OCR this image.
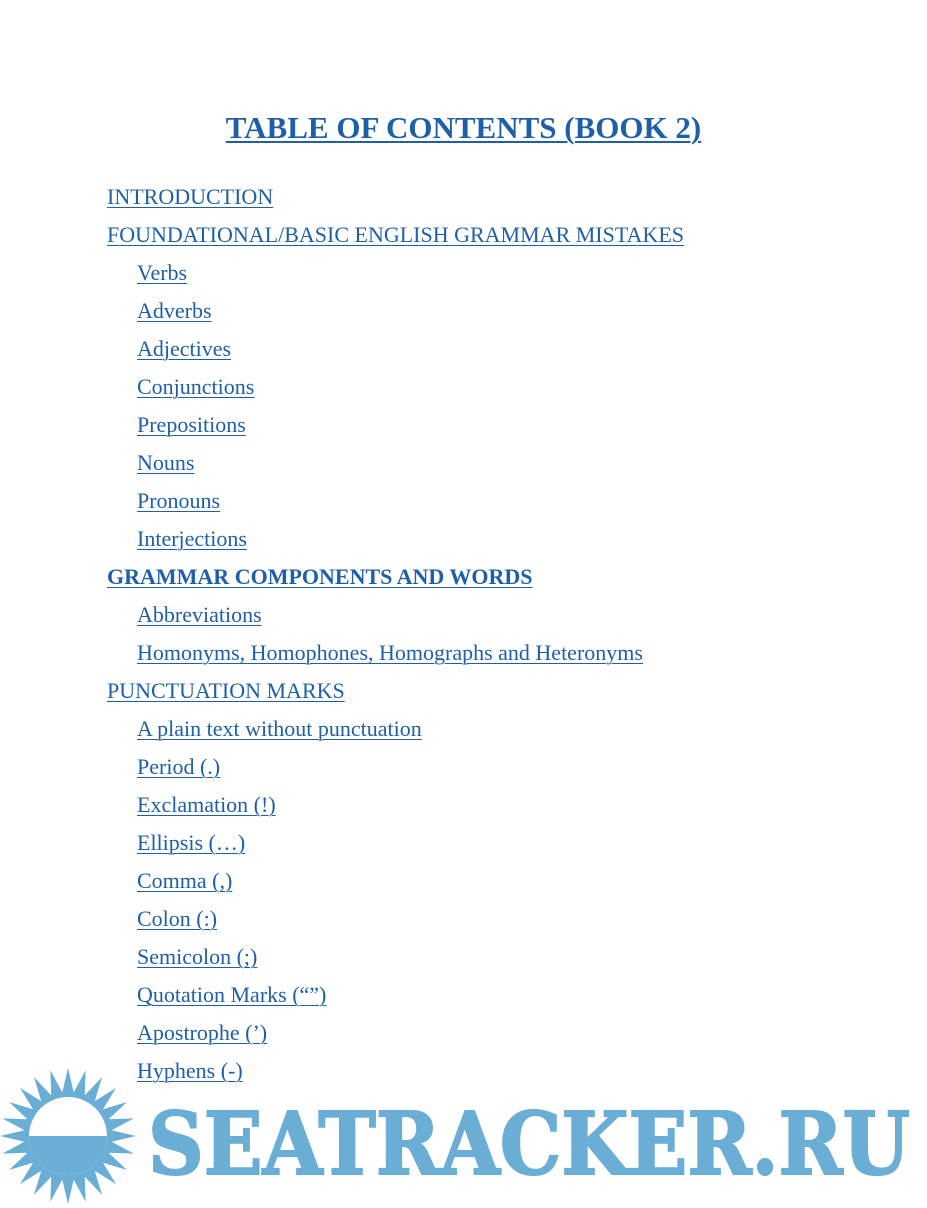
TABLE OF CONTENTS (BOOK 2)
INTRODUCTION
FOUNDATIONAL/BASIC ENGLISH GRAMMAR MISTAKES
Verbs
Adverbs
Adjectives
Conjunctions
Prepositions
Nouns
Pronouns
Interjections
GRAMMAR COMPONENTS AND WORDS
Abbreviations
Homonyms, Homophones, Homographs and Heteronyms
PUNCTUATION MARKS
A plain text without punctuation
Period (.)
Exclamation (!)
Ellipsis (…)
Comma (,)
Colon (:)
Semicolon (;)
Quotation Marks (“”)
Apostrophe (’)
Hyphens (-)
SEATRACKER.RU
